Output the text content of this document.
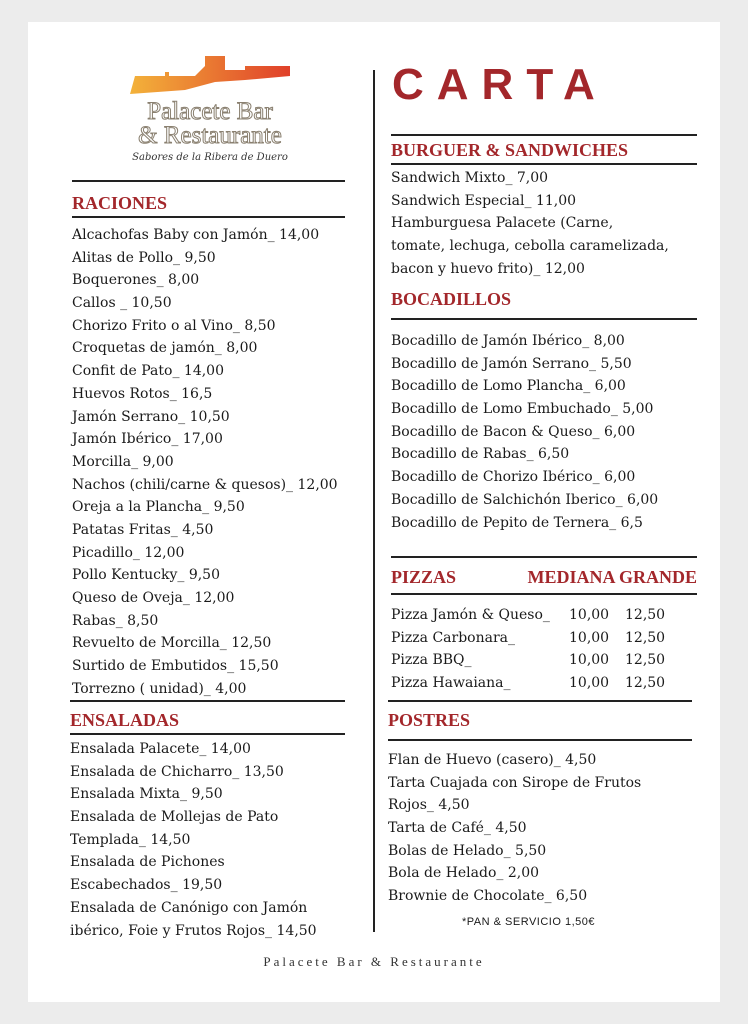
Palacete Bar
& Restaurante
Sabores de la Ribera de Duero
CARTA
RACIONES
Alcachofas Baby con Jamón_ 14,00
Alitas de Pollo_ 9,50
Boquerones_ 8,00
Callos _ 10,50
Chorizo Frito o al Vino_ 8,50
Croquetas de jamón_ 8,00
Confit de Pato_ 14,00
Huevos Rotos_ 16,5
Jamón Serrano_ 10,50
Jamón Ibérico_ 17,00
Morcilla_ 9,00
Nachos (chili/carne & quesos)_ 12,00
Oreja a la Plancha_ 9,50
Patatas Fritas_ 4,50
Picadillo_ 12,00
Pollo Kentucky_ 9,50
Queso de Oveja_ 12,00
Rabas_ 8,50
Revuelto de Morcilla_ 12,50
Surtido de Embutidos_ 15,50
Torrezno ( unidad)_ 4,00
ENSALADAS
Ensalada Palacete_ 14,00
Ensalada de Chicharro_ 13,50
Ensalada Mixta_ 9,50
Ensalada de Mollejas de Pato
Templada_ 14,50
Ensalada de Pichones
Escabechados_ 19,50
Ensalada de Canónigo con Jamón
ibérico, Foie y Frutos Rojos_ 14,50
BURGUER & SANDWICHES
Sandwich Mixto_ 7,00
Sandwich Especial_ 11,00
Hamburguesa Palacete (Carne,
tomate, lechuga, cebolla caramelizada,
bacon y huevo frito)_ 12,00
BOCADILLOS
Bocadillo de Jamón Ibérico_ 8,00
Bocadillo de Jamón Serrano_ 5,50
Bocadillo de Lomo Plancha_ 6,00
Bocadillo de Lomo Embuchado_ 5,00
Bocadillo de Bacon & Queso_ 6,00
Bocadillo de Rabas_ 6,50
Bocadillo de Chorizo Ibérico_ 6,00
Bocadillo de Salchichón Iberico_ 6,00
Bocadillo de Pepito de Ternera_ 6,5
PIZZAS	MEDIANA GRANDE
Pizza Jamón & Queso_	10,00	12,50
Pizza Carbonara_	10,00	12,50
Pizza BBQ_	10,00	12,50
Pizza Hawaiana_	10,00	12,50
POSTRES
Flan de Huevo (casero)_ 4,50
Tarta Cuajada con Sirope de Frutos
Rojos_ 4,50
Tarta de Café_ 4,50
Bolas de Helado_ 5,50
Bola de Helado_ 2,00
Brownie de Chocolate_ 6,50
*PAN & SERVICIO 1,50€
Palacete Bar & Restaurante
